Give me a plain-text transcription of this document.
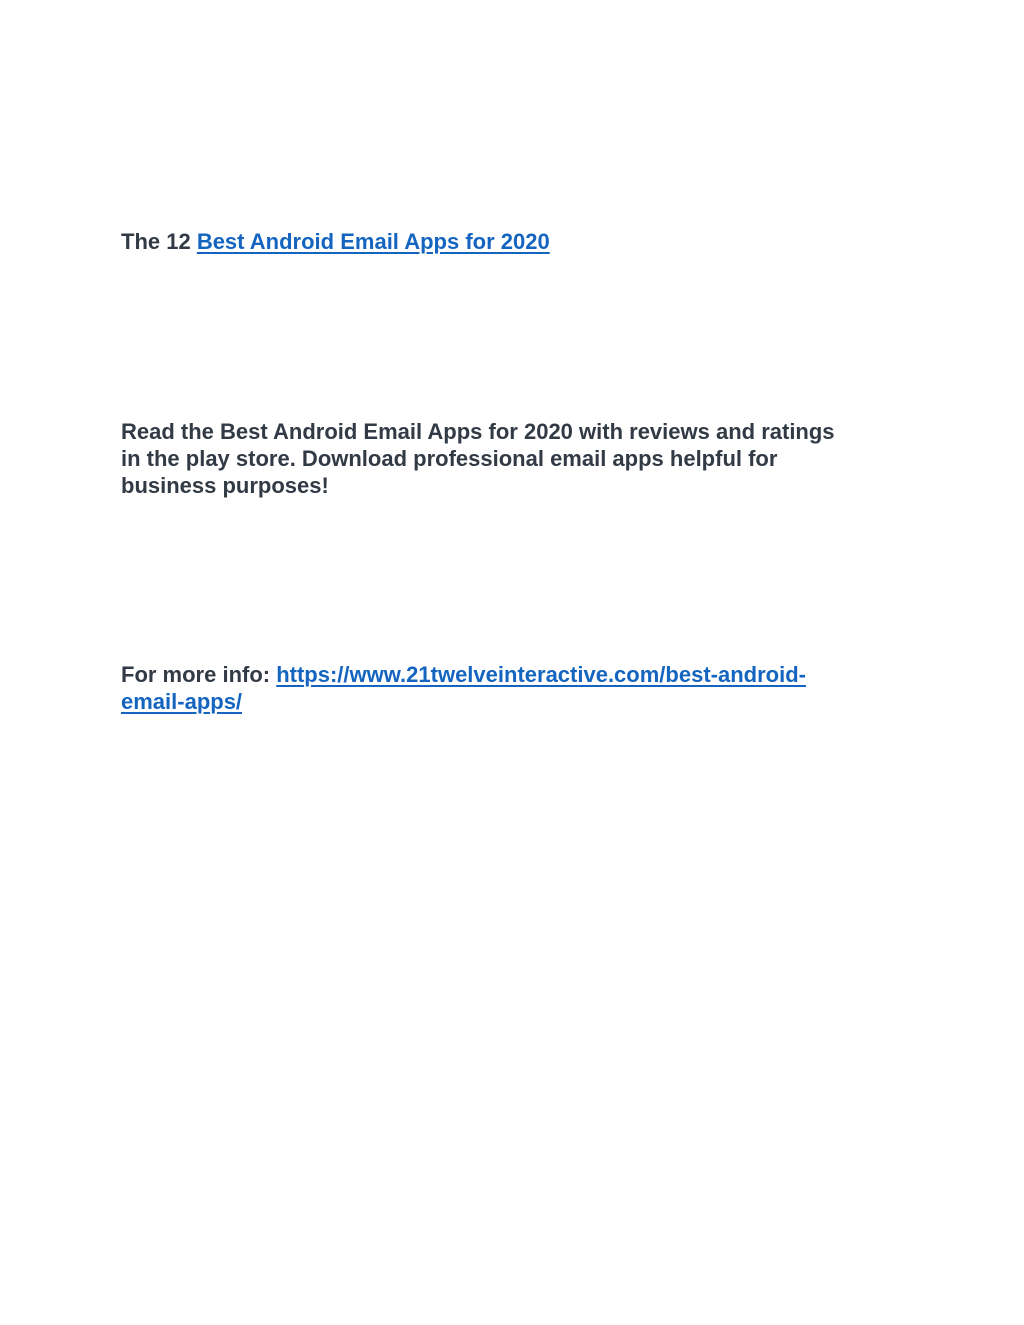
The 12 Best Android Email Apps for 2020

Read the Best Android Email Apps for 2020 with reviews and ratings
in the play store. Download professional email apps helpful for
business purposes!

For more info: https://www.21twelveinteractive.com/best-android-
email-apps/
